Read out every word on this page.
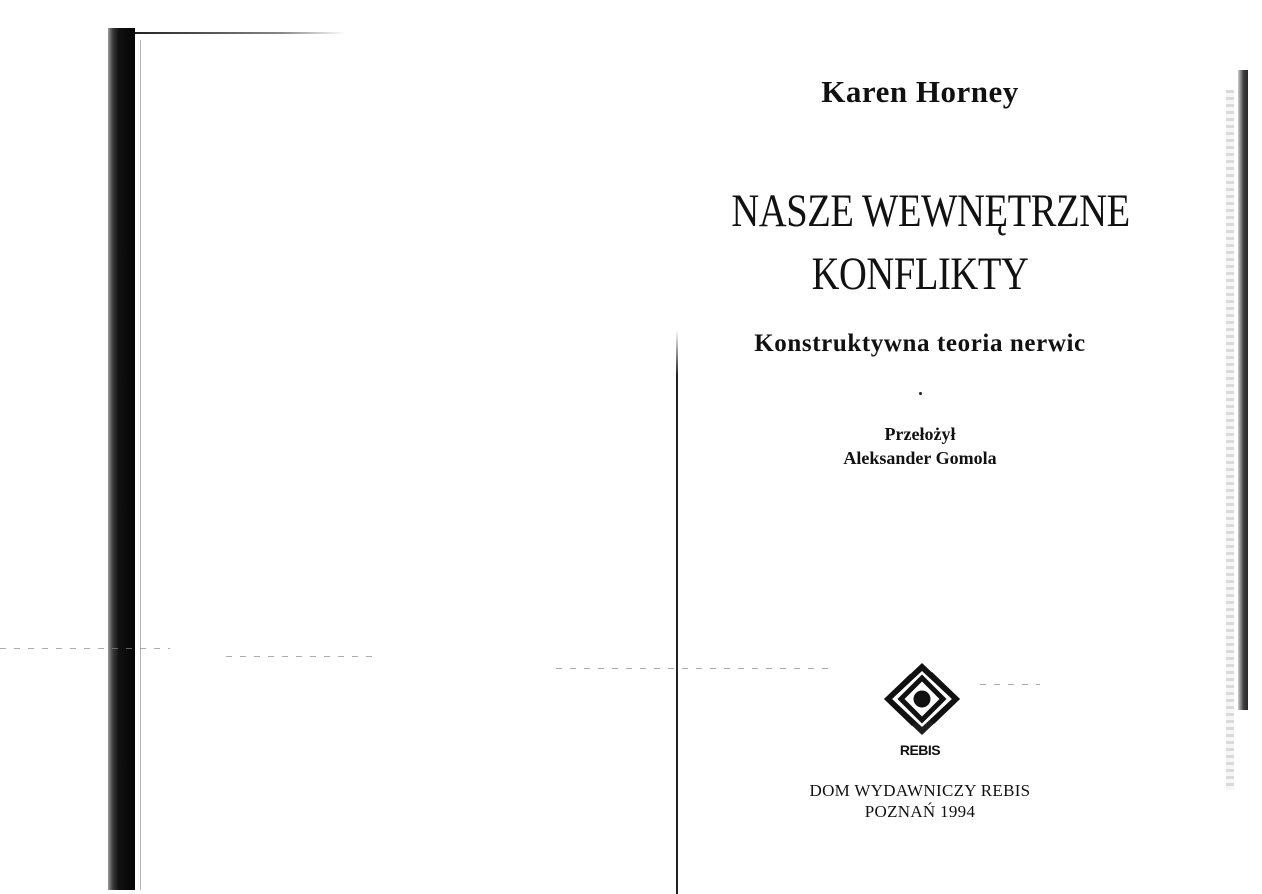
Karen Horney
NASZE WEWNĘTRZNE
KONFLIKTY
Konstruktywna teoria nerwic
Przełożył
Aleksander Gomola
REBIS
DOM WYDAWNICZY REBIS
POZNAŃ 1994
